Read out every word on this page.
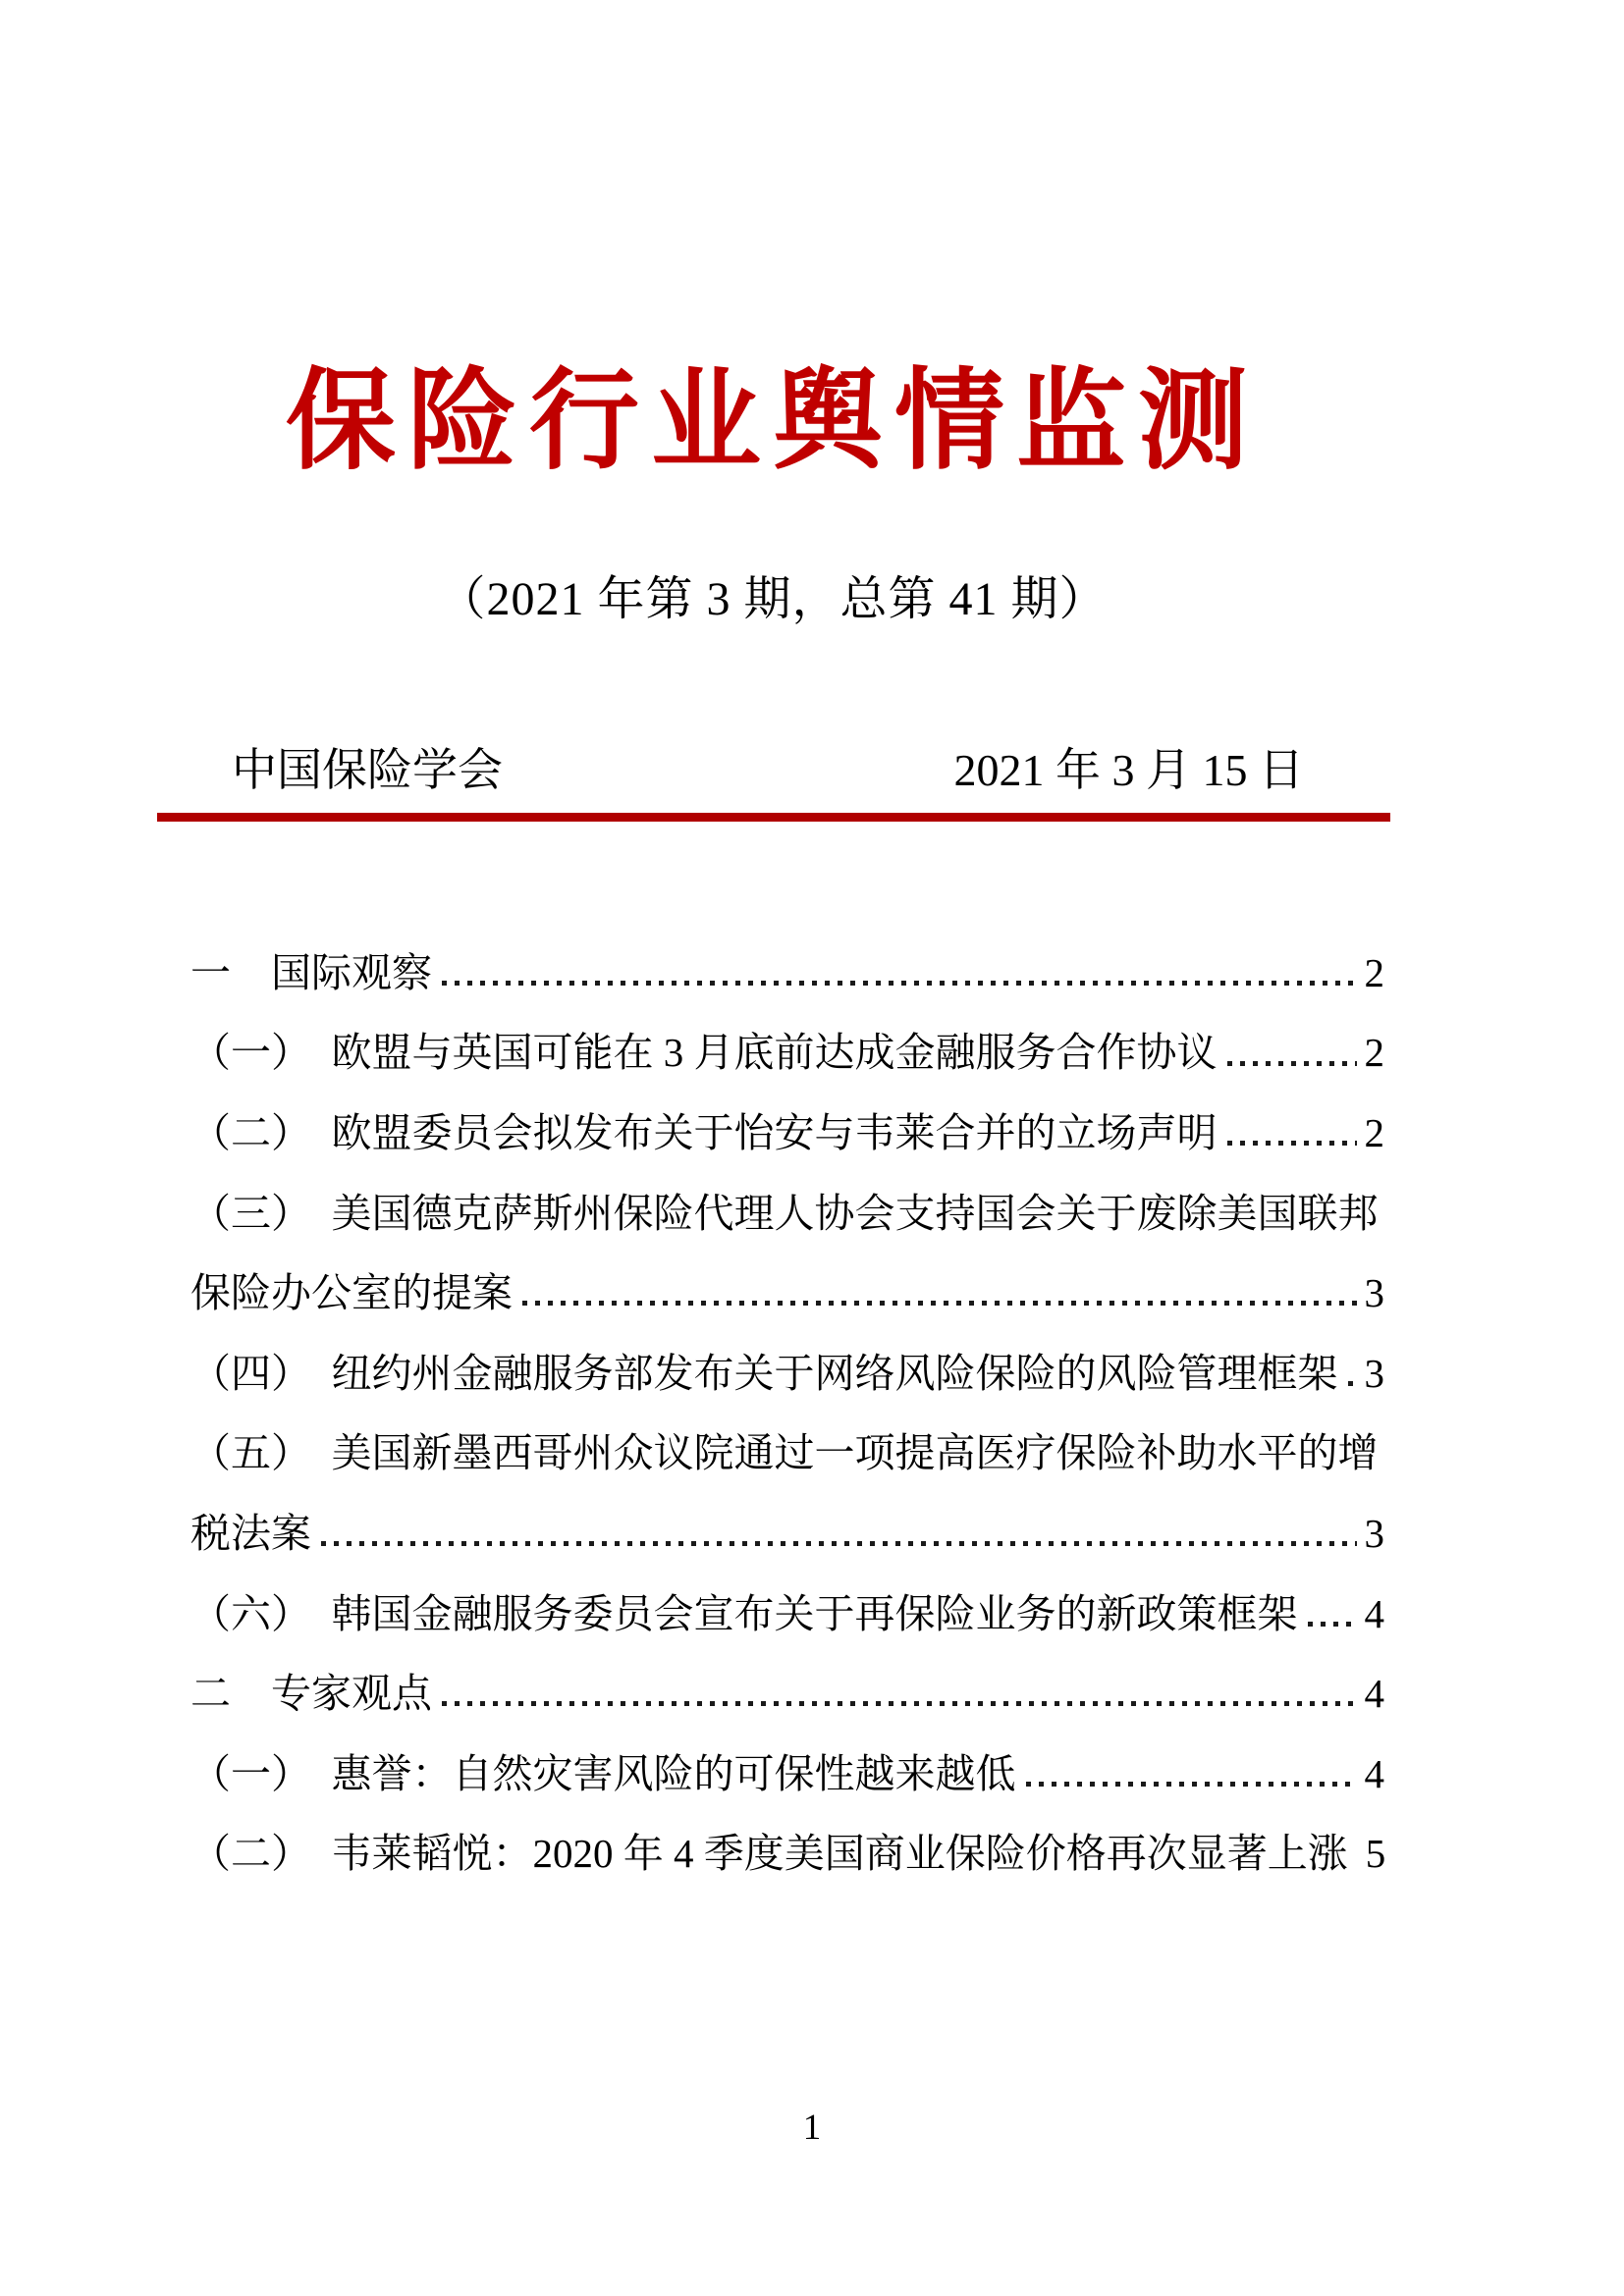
保险行业舆情监测
（2021 年第 3 期，总第 41 期）
中国保险学会	2021 年 3 月 15 日
一　国际观察	2
（一）　欧盟与英国可能在 3 月底前达成金融服务合作协议	2
（二）　欧盟委员会拟发布关于怡安与韦莱合并的立场声明	2
（三）　美国德克萨斯州保险代理人协会支持国会关于废除美国联邦
保险办公室的提案	3
（四）　纽约州金融服务部发布关于网络风险保险的风险管理框架 3
（五）　美国新墨西哥州众议院通过一项提高医疗保险补助水平的增
税法案	3
（六）　韩国金融服务委员会宣布关于再保险业务的新政策框架 4
二　专家观点	4
（一）　惠誉：自然灾害风险的可保性越来越低	4
（二）　韦莱韬悦：2020 年 4 季度美国商业保险价格再次显著上涨 5
1
